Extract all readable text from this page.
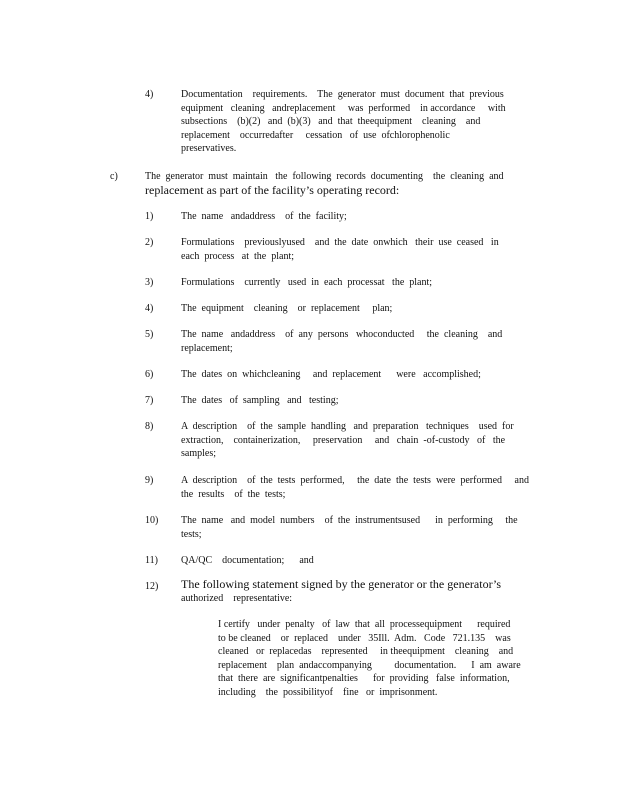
4)	Documentation    requirements.    The  generator  must  document  that  previous
equipment   cleaning   andreplacement     was  performed    in accordance     with
subsections    (b)(2)   and  (b)(3)   and  that  theequipment    cleaning    and
replacement    occurredafter     cessation   of  use  ofchlorophenolic
preservatives.
c)	The  generator  must  maintain   the  following  records  documenting    the  cleaning  and
replacement as part of the facility’s operating record:
1)	The  name   andaddress    of  the  facility;
2)	Formulations    previouslyused    and  the  date  onwhich   their  use  ceased   in
each  process   at  the  plant;
3)	Formulations    currently   used  in  each  processat   the  plant;
4)	The  equipment    cleaning    or  replacement     plan;
5)	The  name   andaddress    of  any  persons   whoconducted     the  cleaning    and
replacement;
6)	The  dates  on  whichcleaning     and  replacement      were   accomplished;
7)	The  dates   of  sampling   and   testing;
8)	A  description    of  the  sample  handling   and  preparation   techniques    used  for
extraction,    containerization,     preservation     and   chain  -of-custody   of   the
samples;
9)	A  description    of  the  tests  performed,     the  date  the  tests  were  performed     and
the  results    of  the  tests;
10) The  name   and  model  numbers    of  the  instrumentsused      in  performing     the
tests;
11) QA/QC    documentation;      and
12) The following statement signed by the generator or the generator’s
authorized    representative:
I certify   under  penalty   of  law  that  all  processequipment      required
to be cleaned    or  replaced    under   35Ill.  Adm.   Code   721.135    was
cleaned   or  replacedas    represented     in theequipment    cleaning    and
replacement    plan  andaccompanying         documentation.      I  am  aware
that  there  are  significantpenalties      for  providing   false  information,
including    the  possibilityof    fine   or  imprisonment.
